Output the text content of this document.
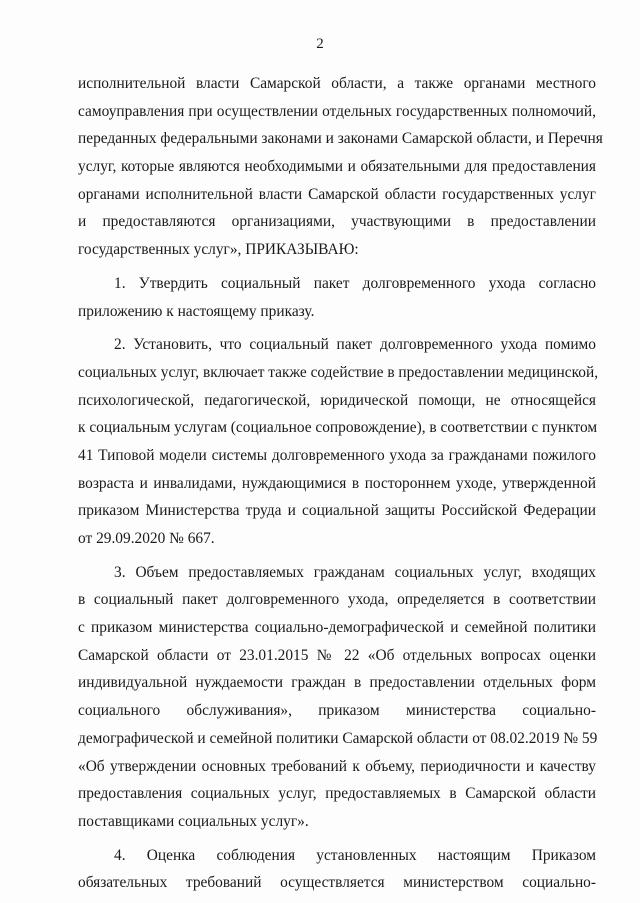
2
исполнительной власти Самарской области, а также органами местного
самоуправления при осуществлении отдельных государственных полномочий,
переданных федеральными законами и законами Самарской области, и Перечня
услуг, которые являются необходимыми и обязательными для предоставления
органами исполнительной власти Самарской области государственных услуг
и предоставляются организациями, участвующими в предоставлении
государственных услуг», ПРИКАЗЫВАЮ:
1. Утвердить социальный пакет долговременного ухода согласно
приложению к настоящему приказу.
2. Установить, что социальный пакет долговременного ухода помимо
социальных услуг, включает также содействие в предоставлении медицинской,
психологической, педагогической, юридической помощи, не относящейся
к социальным услугам (социальное сопровождение), в соответствии с пунктом
41 Типовой модели системы долговременного ухода за гражданами пожилого
возраста и инвалидами, нуждающимися в постороннем уходе, утвержденной
приказом Министерства труда и социальной защиты Российской Федерации
от 29.09.2020 № 667.
3. Объем предоставляемых гражданам социальных услуг, входящих
в социальный пакет долговременного ухода, определяется в соответствии
с приказом министерства социально-демографической и семейной политики
Самарской области от 23.01.2015 № 22 «Об отдельных вопросах оценки
индивидуальной нуждаемости граждан в предоставлении отдельных форм
социального обслуживания», приказом министерства социально-
демографической и семейной политики Самарской области от 08.02.2019 № 59
«Об утверждении основных требований к объему, периодичности и качеству
предоставления социальных услуг, предоставляемых в Самарской области
поставщиками социальных услуг».
4. Оценка соблюдения установленных настоящим Приказом
обязательных требований осуществляется министерством социально-
